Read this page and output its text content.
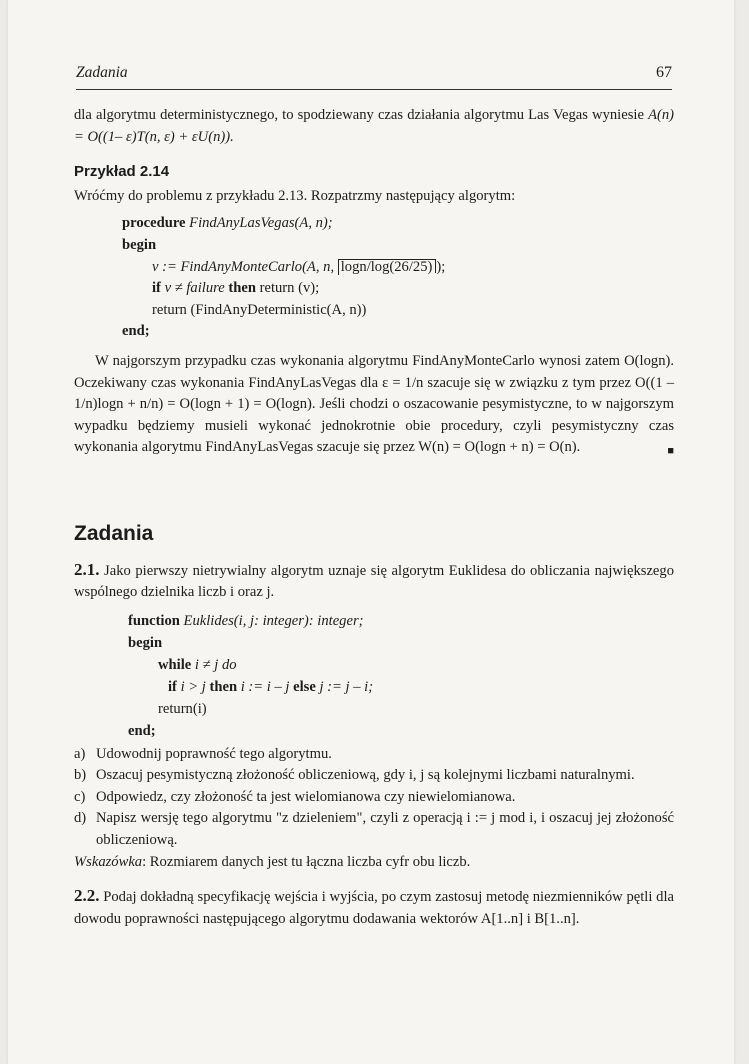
Zadania	67

dla algorytmu deterministycznego, to spodziewany czas działania algorytmu Las Vegas wyniesie A(n) = O((1– ε)T(n, ε) + εU(n)).

Przykład 2.14

Wróćmy do problemu z przykładu 2.13. Rozpatrzmy następujący algorytm:

procedure FindAnyLasVegas(A, n);
begin
v := FindAnyMonteCarlo(A, n, logn/log(26/25) );
if v ≠ failure then return (v);
return (FindAnyDeterministic(A, n))
end;

W najgorszym przypadku czas wykonania algorytmu FindAnyMonteCarlo wynosi zatem O(logn). Oczekiwany czas wykonania FindAnyLasVegas dla ε = 1/n szacuje się w związku z tym przez O((1 – 1/n)logn + n/n) = O(logn + 1) = O(logn). Jeśli chodzi o oszacowanie pesymistyczne, to w najgorszym wypadku będziemy musieli wykonać jednokrotnie obie procedury, czyli pesymistyczny czas wykonania algorytmu FindAnyLasVegas szacuje się przez W(n) = O(logn + n) = O(n).	■

Zadania

2.1. Jako pierwszy nietrywialny algorytm uznaje się algorytm Euklidesa do obliczania największego wspólnego dzielnika liczb i oraz j.

function Euklides(i, j: integer): integer;
begin
while i ≠ j do
if i > j then i := i – j else j := j – i;
return(i)
end;
a) Udowodnij poprawność tego algorytmu.
b) Oszacuj pesymistyczną złożoność obliczeniową, gdy i, j są kolejnymi liczbami naturalnymi.
c) Odpowiedz, czy złożoność ta jest wielomianowa czy niewielomianowa.
d) Napisz wersję tego algorytmu "z dzieleniem", czyli z operacją i := j mod i, i oszacuj jej złożoność obliczeniową.

Wskazówka: Rozmiarem danych jest tu łączna liczba cyfr obu liczb.

2.2. Podaj dokładną specyfikację wejścia i wyjścia, po czym zastosuj metodę niezmienników pętli dla dowodu poprawności następującego algorytmu dodawania wektorów A[1..n] i B[1..n].
